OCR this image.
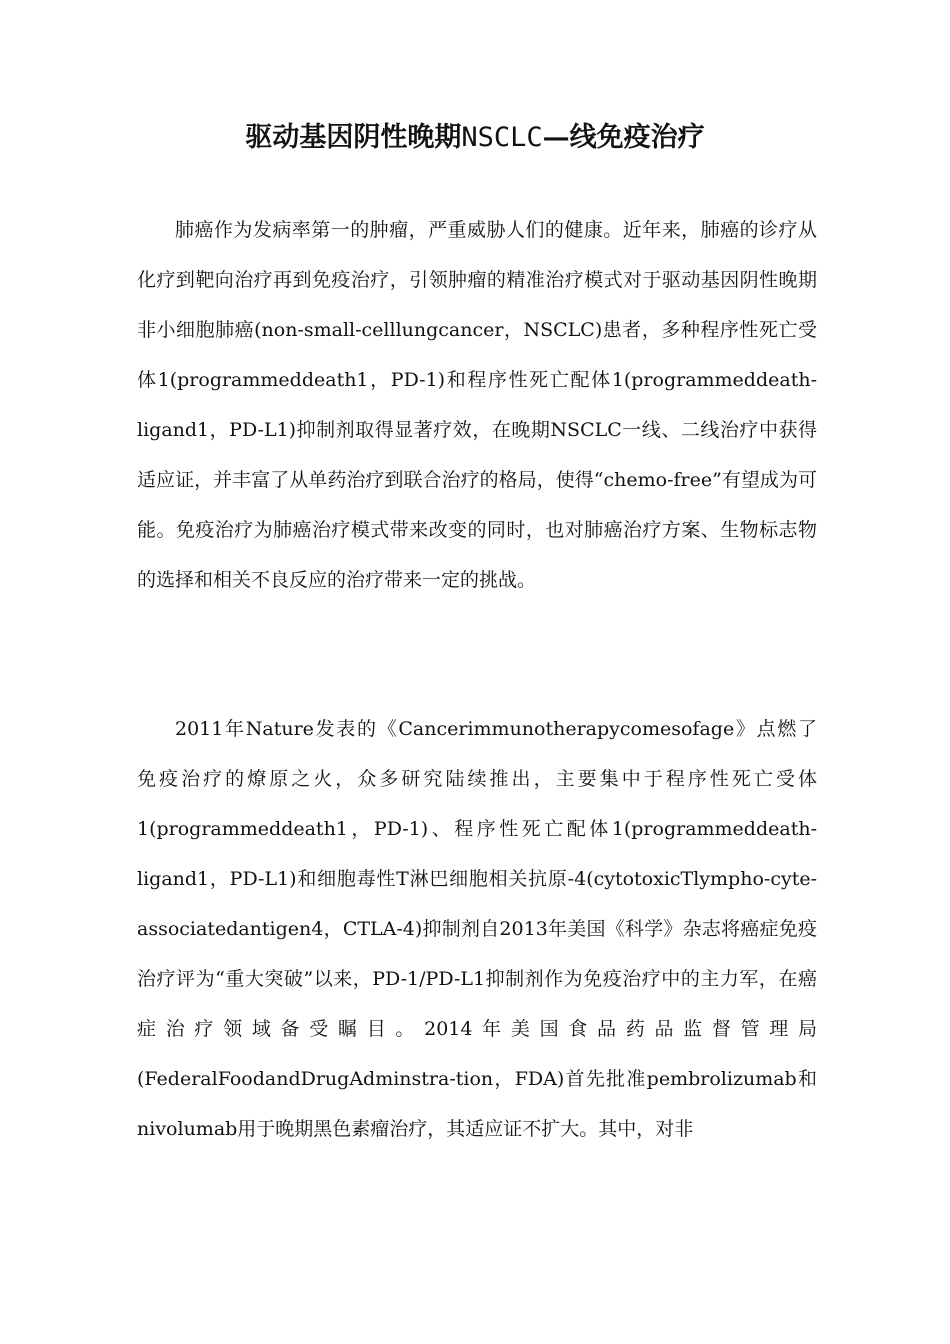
驱动基因阴性晚期NSCLC—线免疫治疗

肺癌作为发病率第一的肿瘤，严重威胁人们的健康。近年来，肺癌的诊疗从化疗到靶向治疗再到免疫治疗，引领肿瘤的精准治疗模式对于驱动基因阴性晚期非小细胞肺癌(non-small-celllungcancer，NSCLC)患者，多种程序性死亡受体1(programmeddeath1，PD-1)和程序性死亡配体1(programmeddeath-ligand1，PD-L1)抑制剂取得显著疗效，在晚期NSCLC一线、二线治疗中获得适应证，并丰富了从单药治疗到联合治疗的格局，使得“chemo-free”有望成为可能。免疫治疗为肺癌治疗模式带来改变的同时，也对肺癌治疗方案、生物标志物的选择和相关不良反应的治疗带来一定的挑战。

2011年Nature发表的《Cancerimmunotherapycomesofage》点燃了免疫治疗的燎原之火，众多研究陆续推出，主要集中于程序性死亡受体1(programmeddeath1，PD-1)、程序性死亡配体1(programmeddeath-ligand1，PD-L1)和细胞毒性T淋巴细胞相关抗原-4(cytotoxicTlympho-cyte-associatedantigen4，CTLA-4)抑制剂自2013年美国《科学》杂志将癌症免疫治疗评为“重大突破”以来，PD-1/PD-L1抑制剂作为免疫治疗中的主力军，在癌症治疗领域备受瞩目。2014年美国食品药品监督管理局(FederalFoodandDrugAdminstra-tion，FDA)首先批准pembrolizumab和nivolumab用于晚期黑色素瘤治疗，其适应证不扩大。其中，对非
